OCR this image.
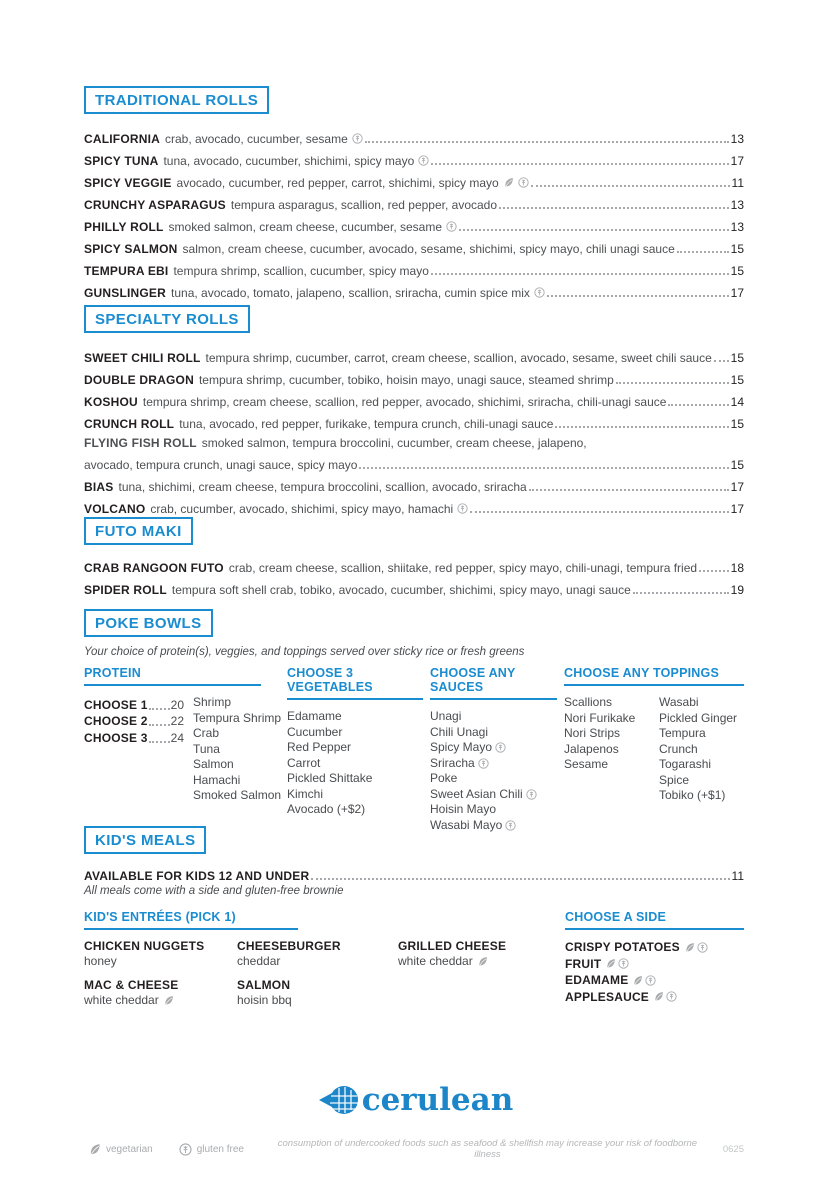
TRADITIONAL ROLLS
CALIFORNIA crab, avocado, cucumber, sesame	13
SPICY TUNA tuna, avocado, cucumber, shichimi, spicy mayo	17
SPICY VEGGIE avocado, cucumber, red pepper, carrot, shichimi, spicy mayo	11
CRUNCHY ASPARAGUS tempura asparagus, scallion, red pepper, avocado	13
PHILLY ROLL smoked salmon, cream cheese, cucumber, sesame	13
SPICY SALMON salmon, cream cheese, cucumber, avocado, sesame, shichimi, spicy mayo, chili unagi sauce	15
TEMPURA EBI tempura shrimp, scallion, cucumber, spicy mayo	15
GUNSLINGER tuna, avocado, tomato, jalapeno, scallion, sriracha, cumin spice mix	17
SPECIALTY ROLLS
SWEET CHILI ROLL tempura shrimp, cucumber, carrot, cream cheese, scallion, avocado, sesame, sweet chili sauce 15
DOUBLE DRAGON tempura shrimp, cucumber, tobiko, hoisin mayo, unagi sauce, steamed shrimp	15
KOSHOU tempura shrimp, cream cheese, scallion, red pepper, avocado, shichimi, sriracha, chili-unagi sauce	14
CRUNCH ROLL tuna, avocado, red pepper, furikake, tempura crunch, chili-unagi sauce	15
FLYING FISH ROLL smoked salmon, tempura broccolini, cucumber, cream cheese, jalapeno,
avocado, tempura crunch, unagi sauce, spicy mayo	15
BIAS tuna, shichimi, cream cheese, tempura broccolini, scallion, avocado, sriracha	17
VOLCANO crab, cucumber, avocado, shichimi, spicy mayo, hamachi	17
FUTO MAKI
CRAB RANGOON FUTO crab, cream cheese, scallion, shiitake, red pepper, spicy mayo, chili-unagi, tempura fried	18
SPIDER ROLL tempura soft shell crab, tobiko, avocado, cucumber, shichimi, spicy mayo, unagi sauce	19
POKE BOWLS
Your choice of protein(s), veggies, and toppings served over sticky rice or fresh greens
PROTEIN
CHOOSE 1 20
CHOOSE 2 22
CHOOSE 3 24
Shrimp
Tempura Shrimp
Crab
Tuna
Salmon
Hamachi
Smoked Salmon
CHOOSE 3 VEGETABLES
Edamame
Cucumber
Red Pepper
Carrot
Pickled Shittake
Kimchi
Avocado (+$2)
CHOOSE ANY SAUCES
Unagi
Chili Unagi
Spicy Mayo
Sriracha
Poke
Sweet Asian Chili
Hoisin Mayo
Wasabi Mayo
CHOOSE ANY TOPPINGS
Scallions
Nori Furikake
Nori Strips
Jalapenos
Sesame
Wasabi
Pickled Ginger
Tempura Crunch
Togarashi Spice
Tobiko (+$1)
KID'S MEALS
AVAILABLE FOR KIDS 12 AND UNDER	11
All meals come with a side and gluten-free brownie
KID'S ENTRÉES (PICK 1)	CHOOSE A SIDE
CHICKEN NUGGETS
honey
MAC & CHEESE
white cheddar
CHEESEBURGER
cheddar
SALMON
hoisin bbq
GRILLED CHEESE
white cheddar
CRISPY POTATOES
FRUIT
EDAMAME
APPLESAUCE
cerulean
vegetarian	gluten free	consumption of undercooked foods such as seafood & shellfish may increase your risk of foodborne illness	0625
